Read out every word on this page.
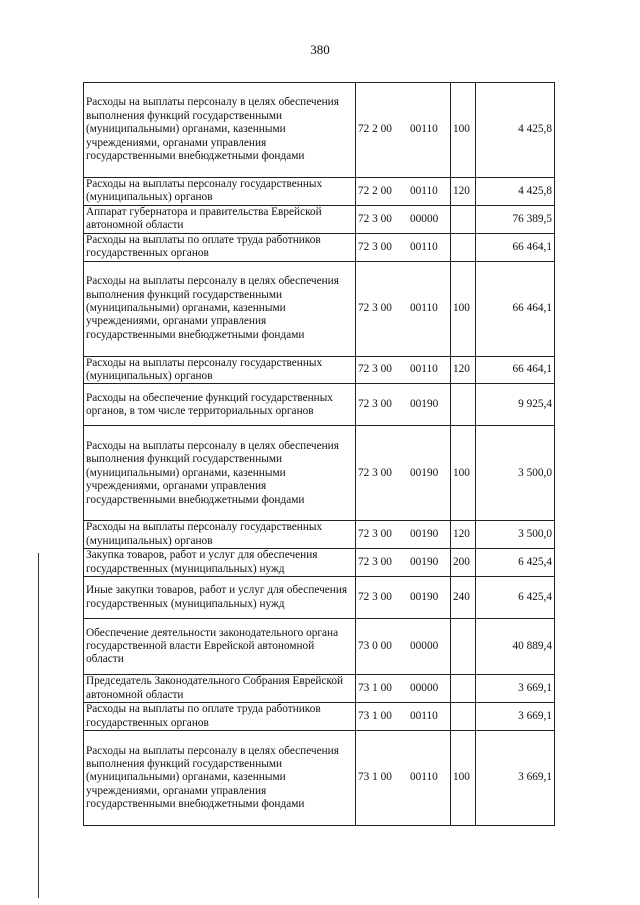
380
Расходы на выплаты персоналу в целях обеспечения выполнения функций государственными (муниципальными) органами, казенными учреждениями, органами управления государственными внебюджетными фондами	72 2 00	00110	100	4 425,8
Расходы на выплаты персоналу государственных (муниципальных) органов	72 2 00	00110	120	4 425,8
Аппарат губернатора и правительства Еврейской автономной области	72 3 00	00000		76 389,5
Расходы на выплаты по оплате труда работников государственных органов	72 3 00	00110		66 464,1
Расходы на выплаты персоналу в целях обеспечения выполнения функций государственными (муниципальными) органами, казенными учреждениями, органами управления государственными внебюджетными фондами	72 3 00	00110	100	66 464,1
Расходы на выплаты персоналу государственных (муниципальных) органов	72 3 00	00110	120	66 464,1
Расходы на обеспечение функций государственных органов, в том числе территориальных органов	72 3 00	00190		9 925,4
Расходы на выплаты персоналу в целях обеспечения выполнения функций государственными (муниципальными) органами, казенными учреждениями, органами управления государственными внебюджетными фондами	72 3 00	00190	100	3 500,0
Расходы на выплаты персоналу государственных (муниципальных) органов	72 3 00	00190	120	3 500,0
Закупка товаров, работ и услуг для обеспечения государственных (муниципальных) нужд	72 3 00	00190	200	6 425,4
Иные закупки товаров, работ и услуг для обеспечения государственных (муниципальных) нужд	72 3 00	00190	240	6 425,4
Обеспечение деятельности законодательного органа государственной власти Еврейской автономной области	73 0 00	00000		40 889,4
Председатель Законодательного Собрания Еврейской автономной области	73 1 00	00000		3 669,1
Расходы на выплаты по оплате труда работников государственных органов	73 1 00	00110		3 669,1
Расходы на выплаты персоналу в целях обеспечения выполнения функций государственными (муниципальными) органами, казенными учреждениями, органами управления государственными внебюджетными фондами	73 1 00	00110	100	3 669,1
